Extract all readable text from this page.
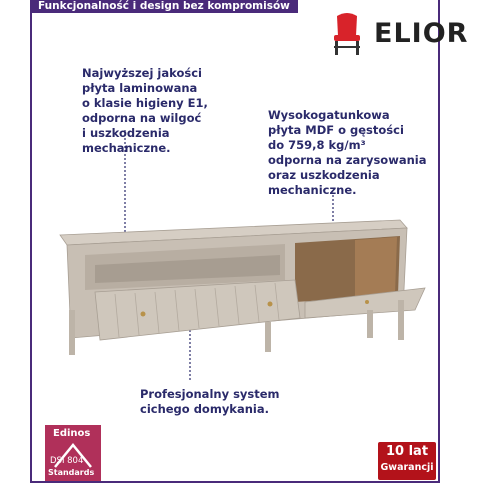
Funkcjonalność i design bez kompromisów
ELIOR
Najwyższej jakości
płyta laminowana
o klasie higieny E1,
odporna na wilgoć
i uszkodzenia
mechaniczne.
Wysokogatunkowa
płyta MDF o gęstości
do 759,8 kg/m³
odporna na zarysowania
oraz uszkodzenia
mechaniczne.
Profesjonalny system
cichego domykania.
Edinos
DSI 804
Standards
10 lat
Gwarancji
